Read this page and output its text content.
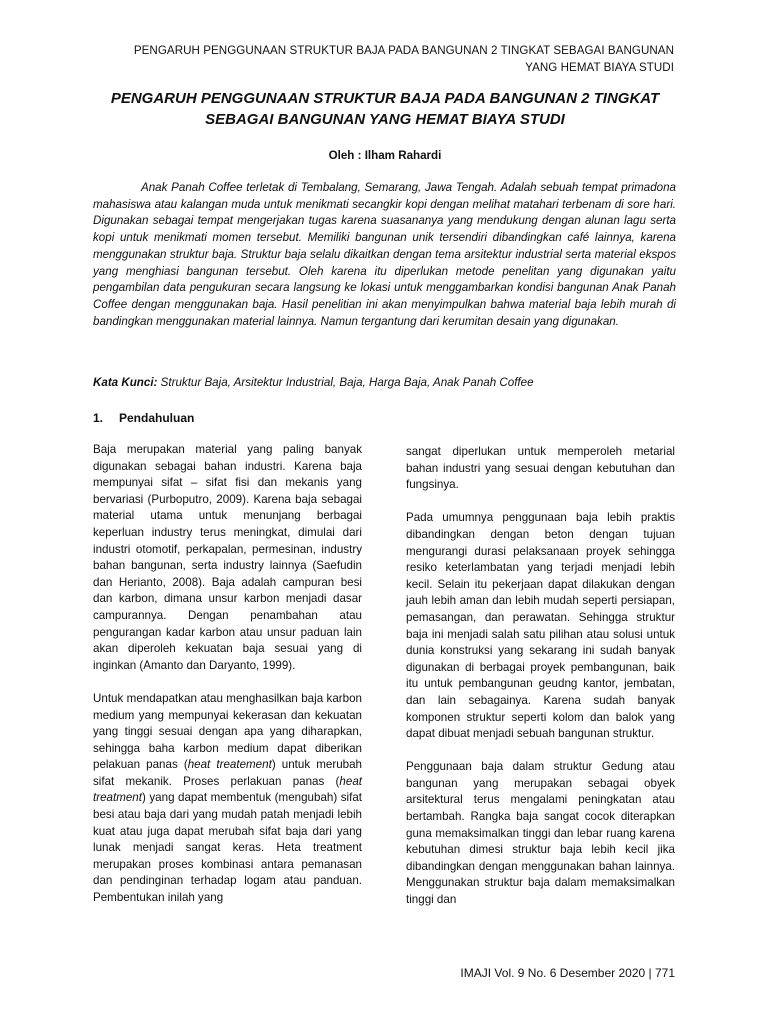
PENGARUH PENGGUNAAN STRUKTUR BAJA PADA BANGUNAN 2 TINGKAT SEBAGAI BANGUNAN
YANG HEMAT BIAYA STUDI
PENGARUH PENGGUNAAN STRUKTUR BAJA PADA BANGUNAN 2 TINGKAT
SEBAGAI BANGUNAN YANG HEMAT BIAYA STUDI
Oleh : Ilham Rahardi

Anak Panah Coffee terletak di Tembalang, Semarang, Jawa Tengah. Adalah sebuah tempat primadona mahasiswa atau kalangan muda untuk menikmati secangkir kopi dengan melihat matahari terbenam di sore hari. Digunakan sebagai tempat mengerjakan tugas karena suasananya yang mendukung dengan alunan lagu serta kopi untuk menikmati momen tersebut. Memiliki bangunan unik tersendiri dibandingkan café lainnya, karena menggunakan struktur baja. Struktur baja selalu dikaitkan dengan tema arsitektur industrial serta material ekspos yang menghiasi bangunan tersebut. Oleh karena itu diperlukan metode penelitan yang digunakan yaitu pengambilan data pengukuran secara langsung ke lokasi untuk menggambarkan kondisi bangunan Anak Panah Coffee dengan menggunakan baja. Hasil penelitian ini akan menyimpulkan bahwa material baja lebih murah di bandingkan menggunakan material lainnya. Namun tergantung dari kerumitan desain yang digunakan.

Kata Kunci: Struktur Baja, Arsitektur Industrial, Baja, Harga Baja, Anak Panah Coffee

1. Pendahuluan

Baja merupakan material yang paling banyak digunakan sebagai bahan industri. Karena baja mempunyai sifat – sifat fisi dan mekanis yang bervariasi (Purboputro, 2009). Karena baja sebagai material utama untuk menunjang berbagai keperluan industry terus meningkat, dimulai dari industri otomotif, perkapalan, permesinan, industry bahan bangunan, serta industry lainnya (Saefudin dan Herianto, 2008). Baja adalah campuran besi dan karbon, dimana unsur karbon menjadi dasar campurannya. Dengan penambahan atau pengurangan kadar karbon atau unsur paduan lain akan diperoleh kekuatan baja sesuai yang di inginkan (Amanto dan Daryanto, 1999).

Untuk mendapatkan atau menghasilkan baja karbon medium yang mempunyai kekerasan dan kekuatan yang tinggi sesuai dengan apa yang diharapkan, sehingga baha karbon medium dapat diberikan pelakuan panas (heat treatement) untuk merubah sifat mekanik. Proses perlakuan panas (heat treatment) yang dapat membentuk (mengubah) sifat besi atau baja dari yang mudah patah menjadi lebih kuat atau juga dapat merubah sifat baja dari yang lunak menjadi sangat keras. Heta treatment merupakan proses kombinasi antara pemanasan dan pendinginan terhadap logam atau panduan. Pembentukan inilah yang

sangat diperlukan untuk memperoleh metarial bahan industri yang sesuai dengan kebutuhan dan fungsinya.

Pada umumnya penggunaan baja lebih praktis dibandingkan dengan beton dengan tujuan mengurangi durasi pelaksanaan proyek sehingga resiko keterlambatan yang terjadi menjadi lebih kecil. Selain itu pekerjaan dapat dilakukan dengan jauh lebih aman dan lebih mudah seperti persiapan, pemasangan, dan perawatan. Sehingga struktur baja ini menjadi salah satu pilihan atau solusi untuk dunia konstruksi yang sekarang ini sudah banyak digunakan di berbagai proyek pembangunan, baik itu untuk pembangunan geudng kantor, jembatan, dan lain sebagainya. Karena sudah banyak komponen struktur seperti kolom dan balok yang dapat dibuat menjadi sebuah bangunan struktur.

Penggunaan baja dalam struktur Gedung atau bangunan yang merupakan sebagai obyek arsitektural terus mengalami peningkatan atau bertambah. Rangka baja sangat cocok diterapkan guna memaksimalkan tinggi dan lebar ruang karena kebutuhan dimesi struktur baja lebih kecil jika dibandingkan dengan menggunakan bahan lainnya. Menggunakan struktur baja dalam memaksimalkan tinggi dan

IMAJI Vol. 9 No. 6 Desember 2020 | 771
